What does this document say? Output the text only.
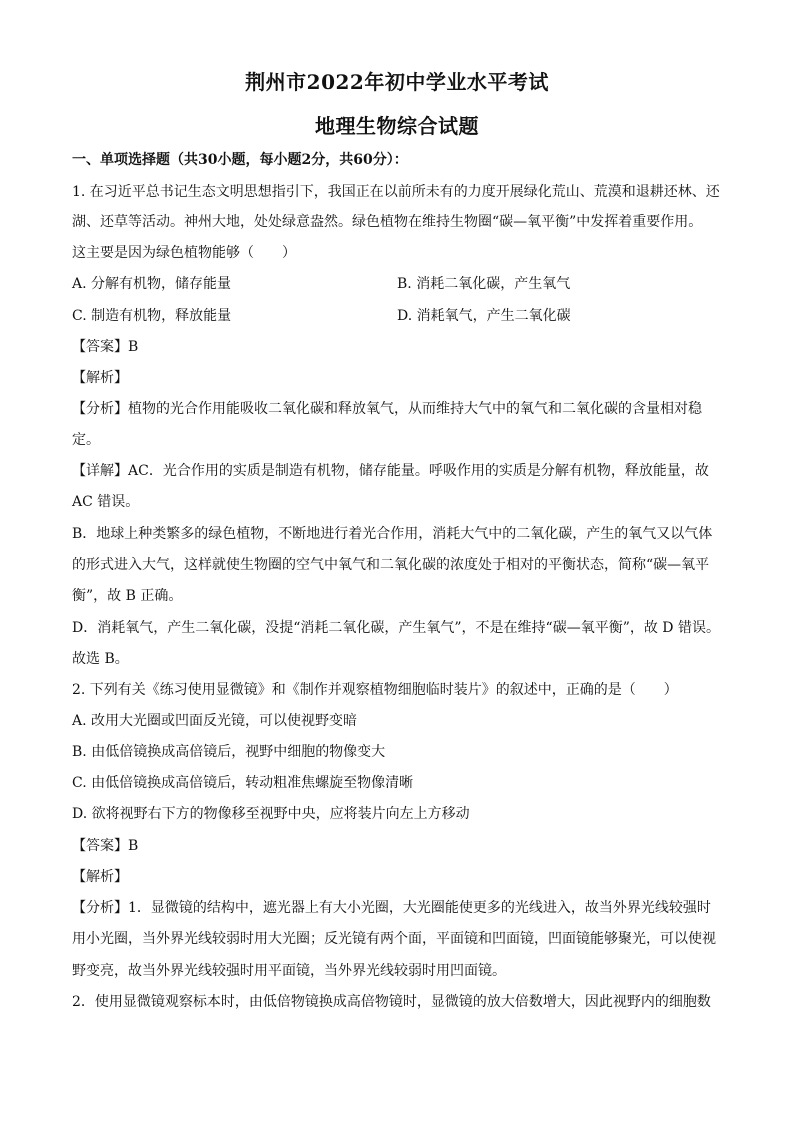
荆州市2022年初中学业水平考试
地理生物综合试题
一、单项选择题（共30小题，每小题2分，共60分）：
1. 在习近平总书记生态文明思想指引下，我国正在以前所未有的力度开展绿化荒山、荒漠和退耕还林、还
湖、还草等活动。神州大地，处处绿意盎然。绿色植物在维持生物圈“碳—氧平衡”中发挥着重要作用。
这主要是因为绿色植物能够（　　）
A. 分解有机物，储存能量	B. 消耗二氧化碳，产生氧气
C. 制造有机物，释放能量	D. 消耗氧气，产生二氧化碳
【答案】B
【解析】
【分析】植物的光合作用能吸收二氧化碳和释放氧气，从而维持大气中的氧气和二氧化碳的含量相对稳
定。
【详解】AC．光合作用的实质是制造有机物，储存能量。呼吸作用的实质是分解有机物，释放能量，故
AC 错误。
B．地球上种类繁多的绿色植物，不断地进行着光合作用，消耗大气中的二氧化碳，产生的氧气又以气体
的形式进入大气，这样就使生物圈的空气中氧气和二氧化碳的浓度处于相对的平衡状态，简称“碳—氧平
衡”，故 B 正确。
D．消耗氧气，产生二氧化碳，没提“消耗二氧化碳，产生氧气”，不是在维持“碳—氧平衡”，故 D 错误。
故选 B。
2. 下列有关《练习使用显微镜》和《制作并观察植物细胞临时装片》的叙述中，正确的是（　　）
A. 改用大光圈或凹面反光镜，可以使视野变暗
B. 由低倍镜换成高倍镜后，视野中细胞的物像变大
C. 由低倍镜换成高倍镜后，转动粗准焦螺旋至物像清晰
D. 欲将视野右下方的物像移至视野中央，应将装片向左上方移动
【答案】B
【解析】
【分析】1．显微镜的结构中，遮光器上有大小光圈，大光圈能使更多的光线进入，故当外界光线较强时
用小光圈，当外界光线较弱时用大光圈；反光镜有两个面，平面镜和凹面镜，凹面镜能够聚光，可以使视
野变亮，故当外界光线较强时用平面镜，当外界光线较弱时用凹面镜。
2．使用显微镜观察标本时，由低倍物镜换成高倍物镜时，显微镜的放大倍数增大，因此视野内的细胞数
